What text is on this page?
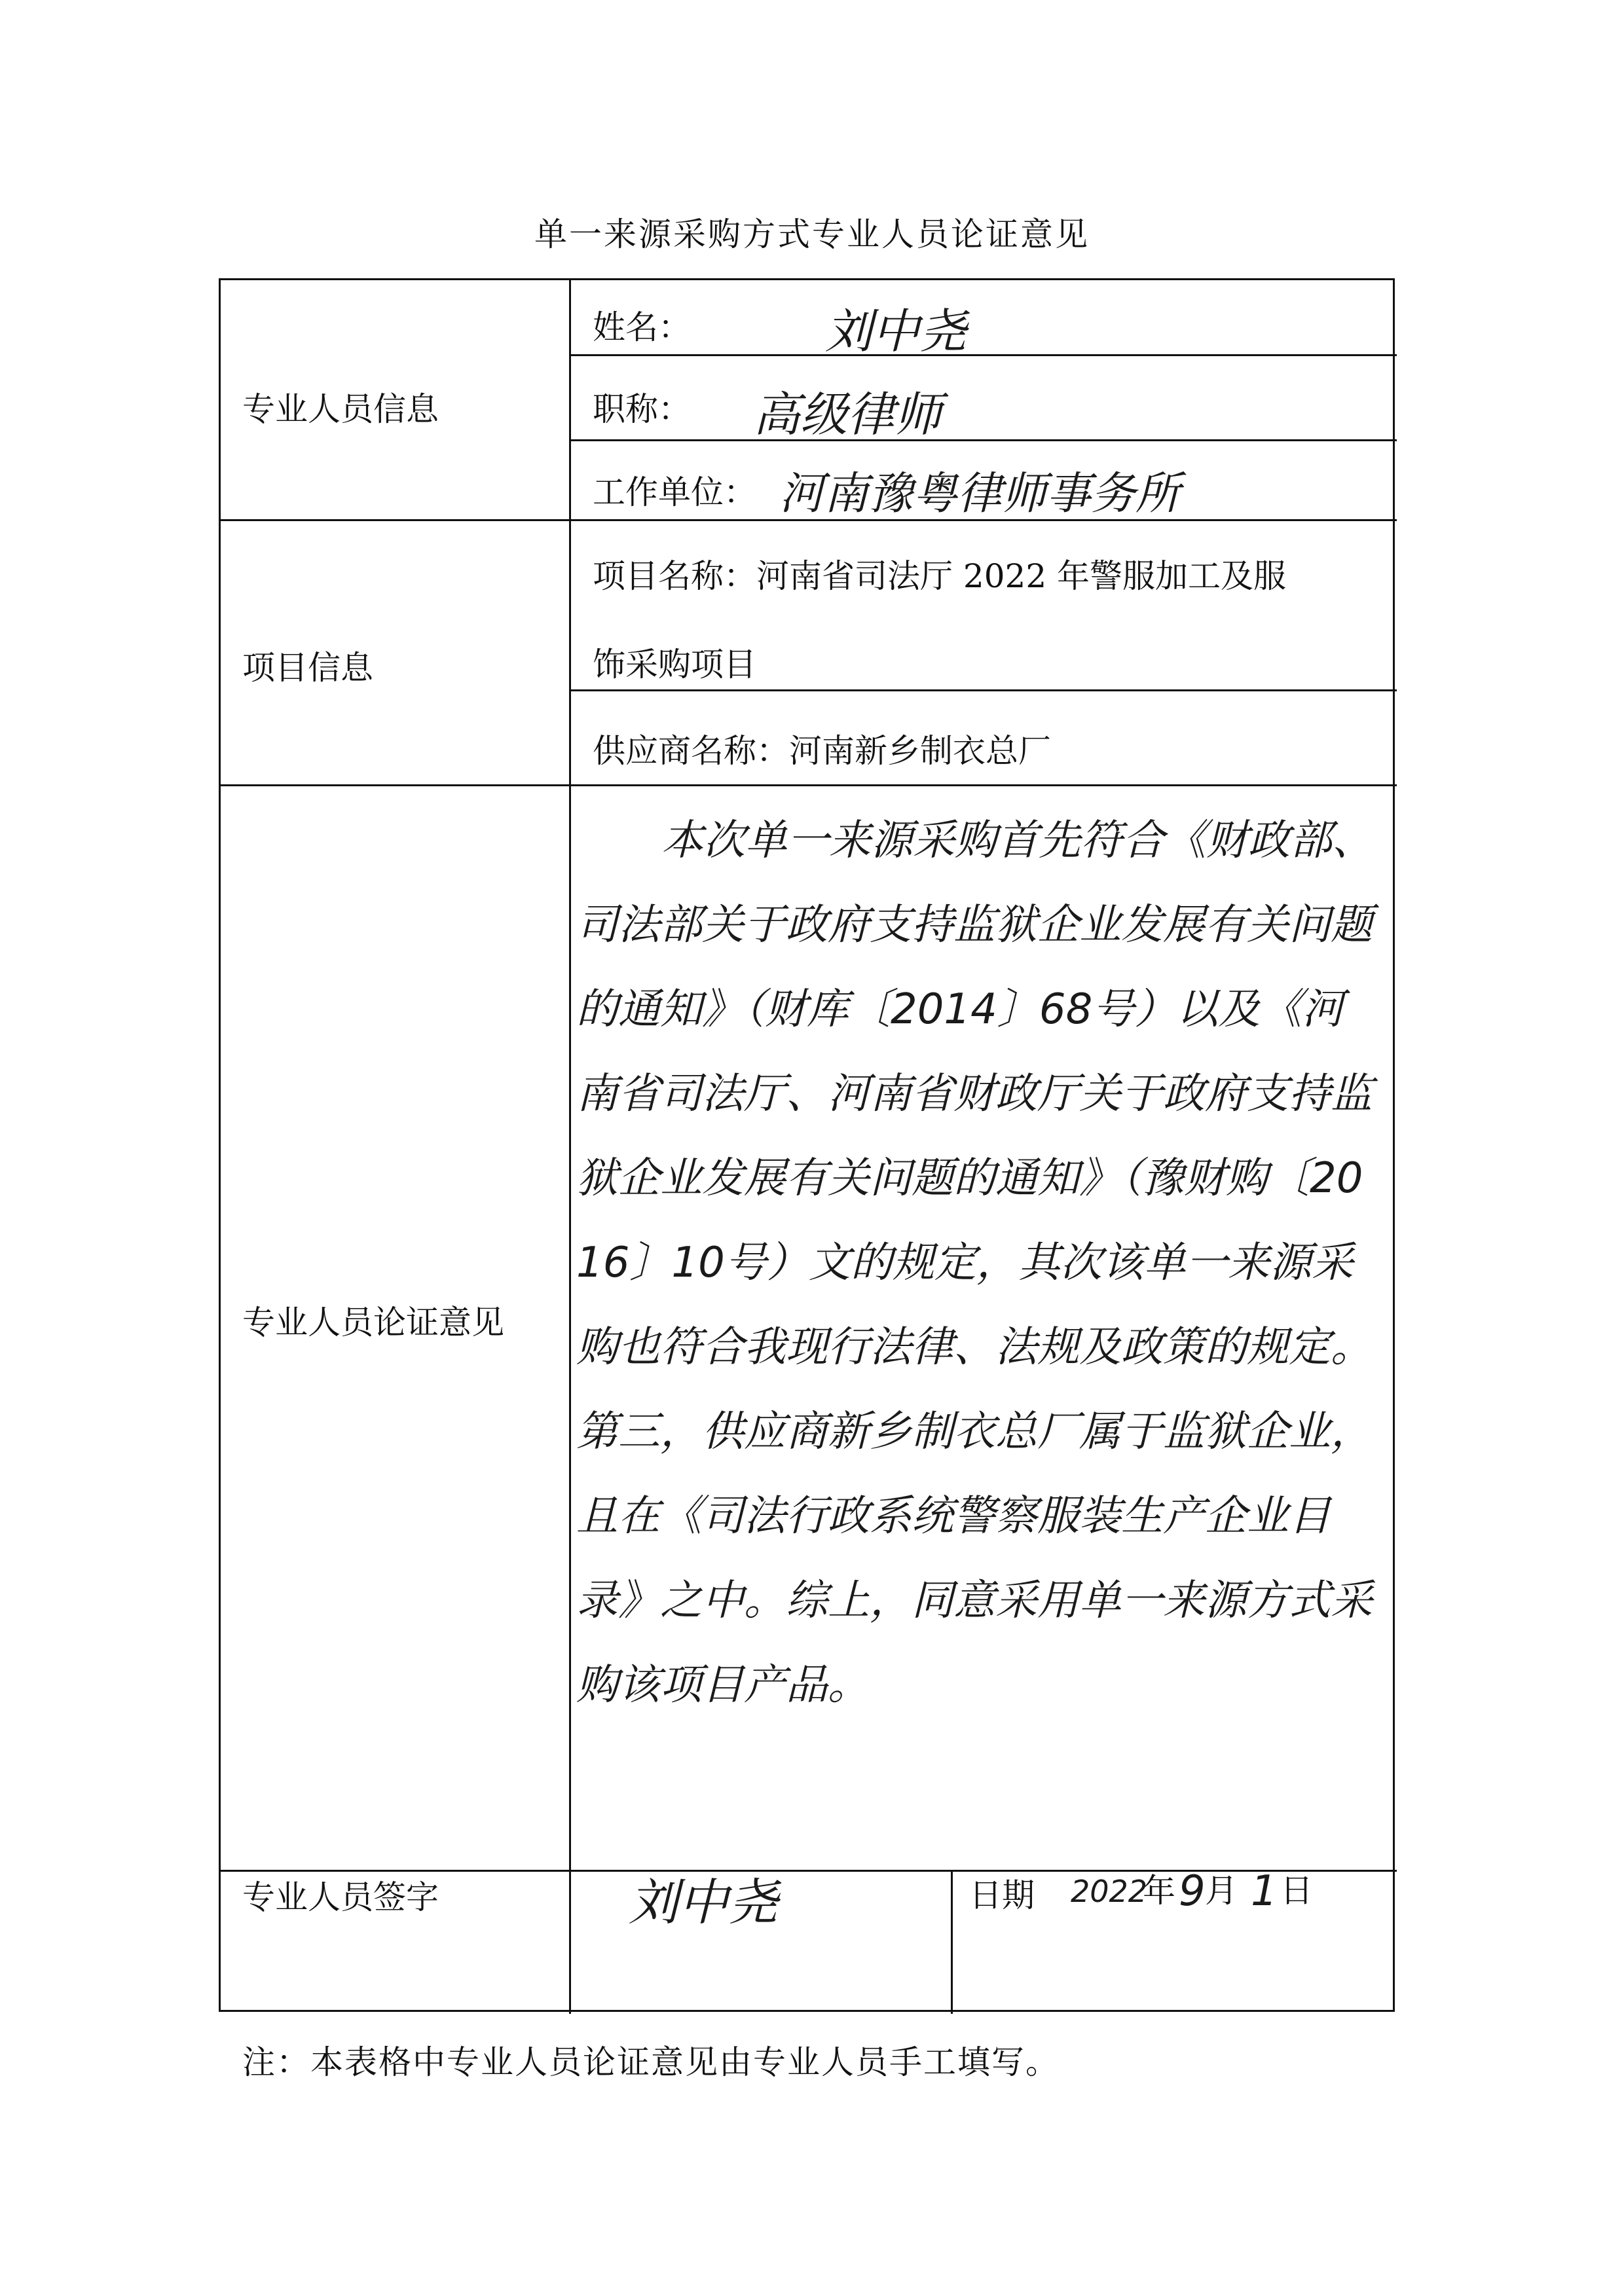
单一来源采购方式专业人员论证意见
专业人员信息
项目信息
专业人员论证意见
专业人员签字
姓名：	刘中尧
职称： 高级律师
工作单位： 河南豫粤律师事务所
项目名称： 河南省司法厅 2022 年警服加工及服
饰采购项目
供应商名称： 河南新乡制衣总厂
本次单一来源采购首先符合《财政部、司法部关于政府支持监狱企业发展有关问题的通知》（财库〔2014〕68号）以及《河南省司法厅、河南省财政厅关于政府支持监狱企业发展有关问题的通知》（豫财购〔2016〕10号）文的规定，其次该单一来源采购也符合我现行法律、法规及政策的规定。第三，供应商新乡制衣总厂属于监狱企业，且在《司法行政系统警察服装生产企业目录》之中。综上，同意采用单一来源方式采购该项目产品。
刘中尧	日期 2022
年 9 月 1 日
注：本表格中专业人员论证意见由专业人员手工填写。
